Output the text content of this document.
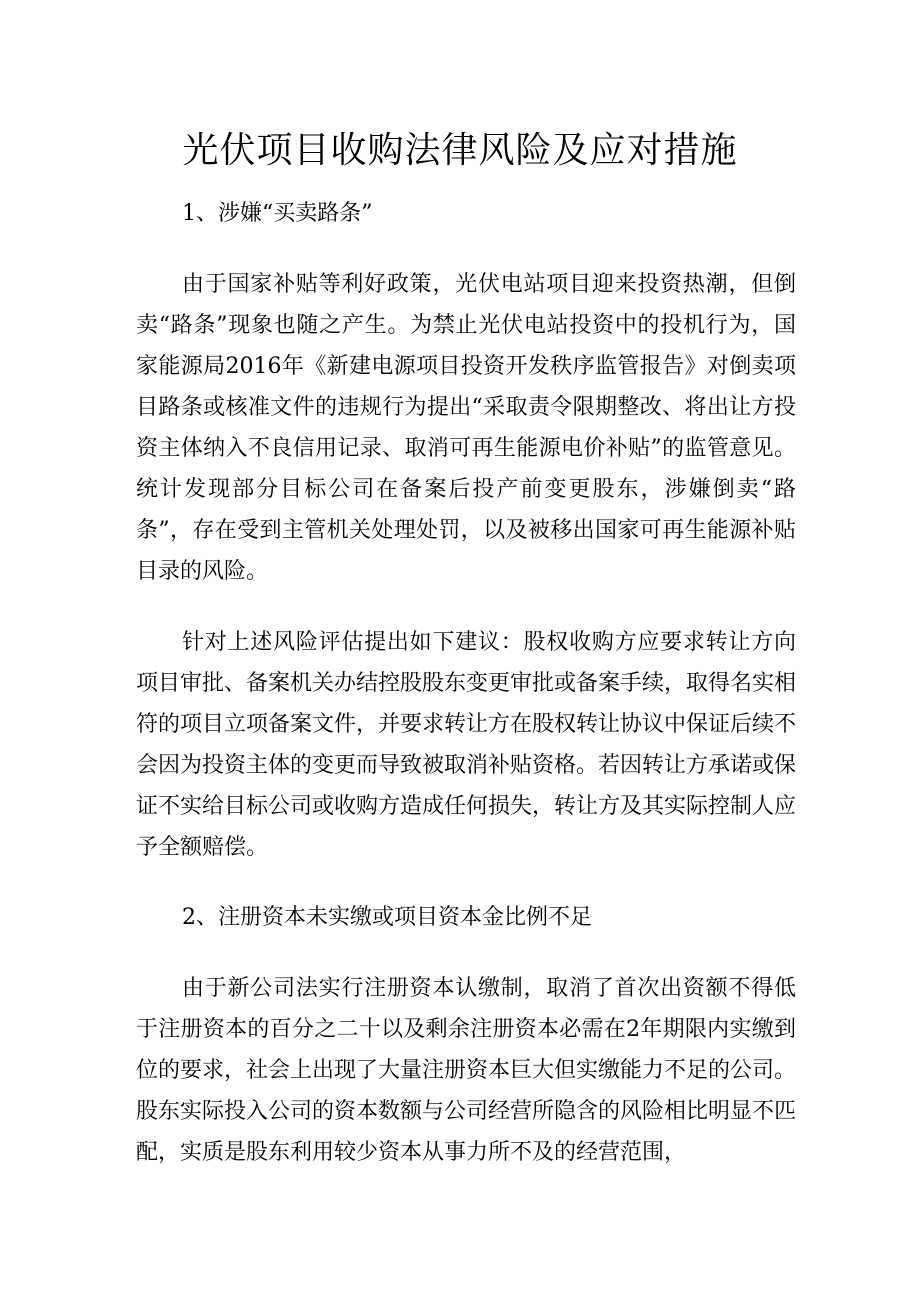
光伏项目收购法律风险及应对措施
1、涉嫌“买卖路条”

由于国家补贴等利好政策，光伏电站项目迎来投资热潮，但倒卖“路条”现象也随之产生。为禁止光伏电站投资中的投机行为，国家能源局2016年《新建电源项目投资开发秩序监管报告》对倒卖项目路条或核准文件的违规行为提出“采取责令限期整改、将出让方投资主体纳入不良信用记录、取消可再生能源电价补贴”的监管意见。统计发现部分目标公司在备案后投产前变更股东，涉嫌倒卖“路条”，存在受到主管机关处理处罚，以及被移出国家可再生能源补贴目录的风险。

针对上述风险评估提出如下建议：股权收购方应要求转让方向项目审批、备案机关办结控股股东变更审批或备案手续，取得名实相符的项目立项备案文件，并要求转让方在股权转让协议中保证后续不会因为投资主体的变更而导致被取消补贴资格。若因转让方承诺或保证不实给目标公司或收购方造成任何损失，转让方及其实际控制人应予全额赔偿。

2、注册资本未实缴或项目资本金比例不足

由于新公司法实行注册资本认缴制，取消了首次出资额不得低于注册资本的百分之二十以及剩余注册资本必需在2年期限内实缴到位的要求，社会上出现了大量注册资本巨大但实缴能力不足的公司。股东实际投入公司的资本数额与公司经营所隐含的风险相比明显不匹配，实质是股东利用较少资本从事力所不及的经营范围，
